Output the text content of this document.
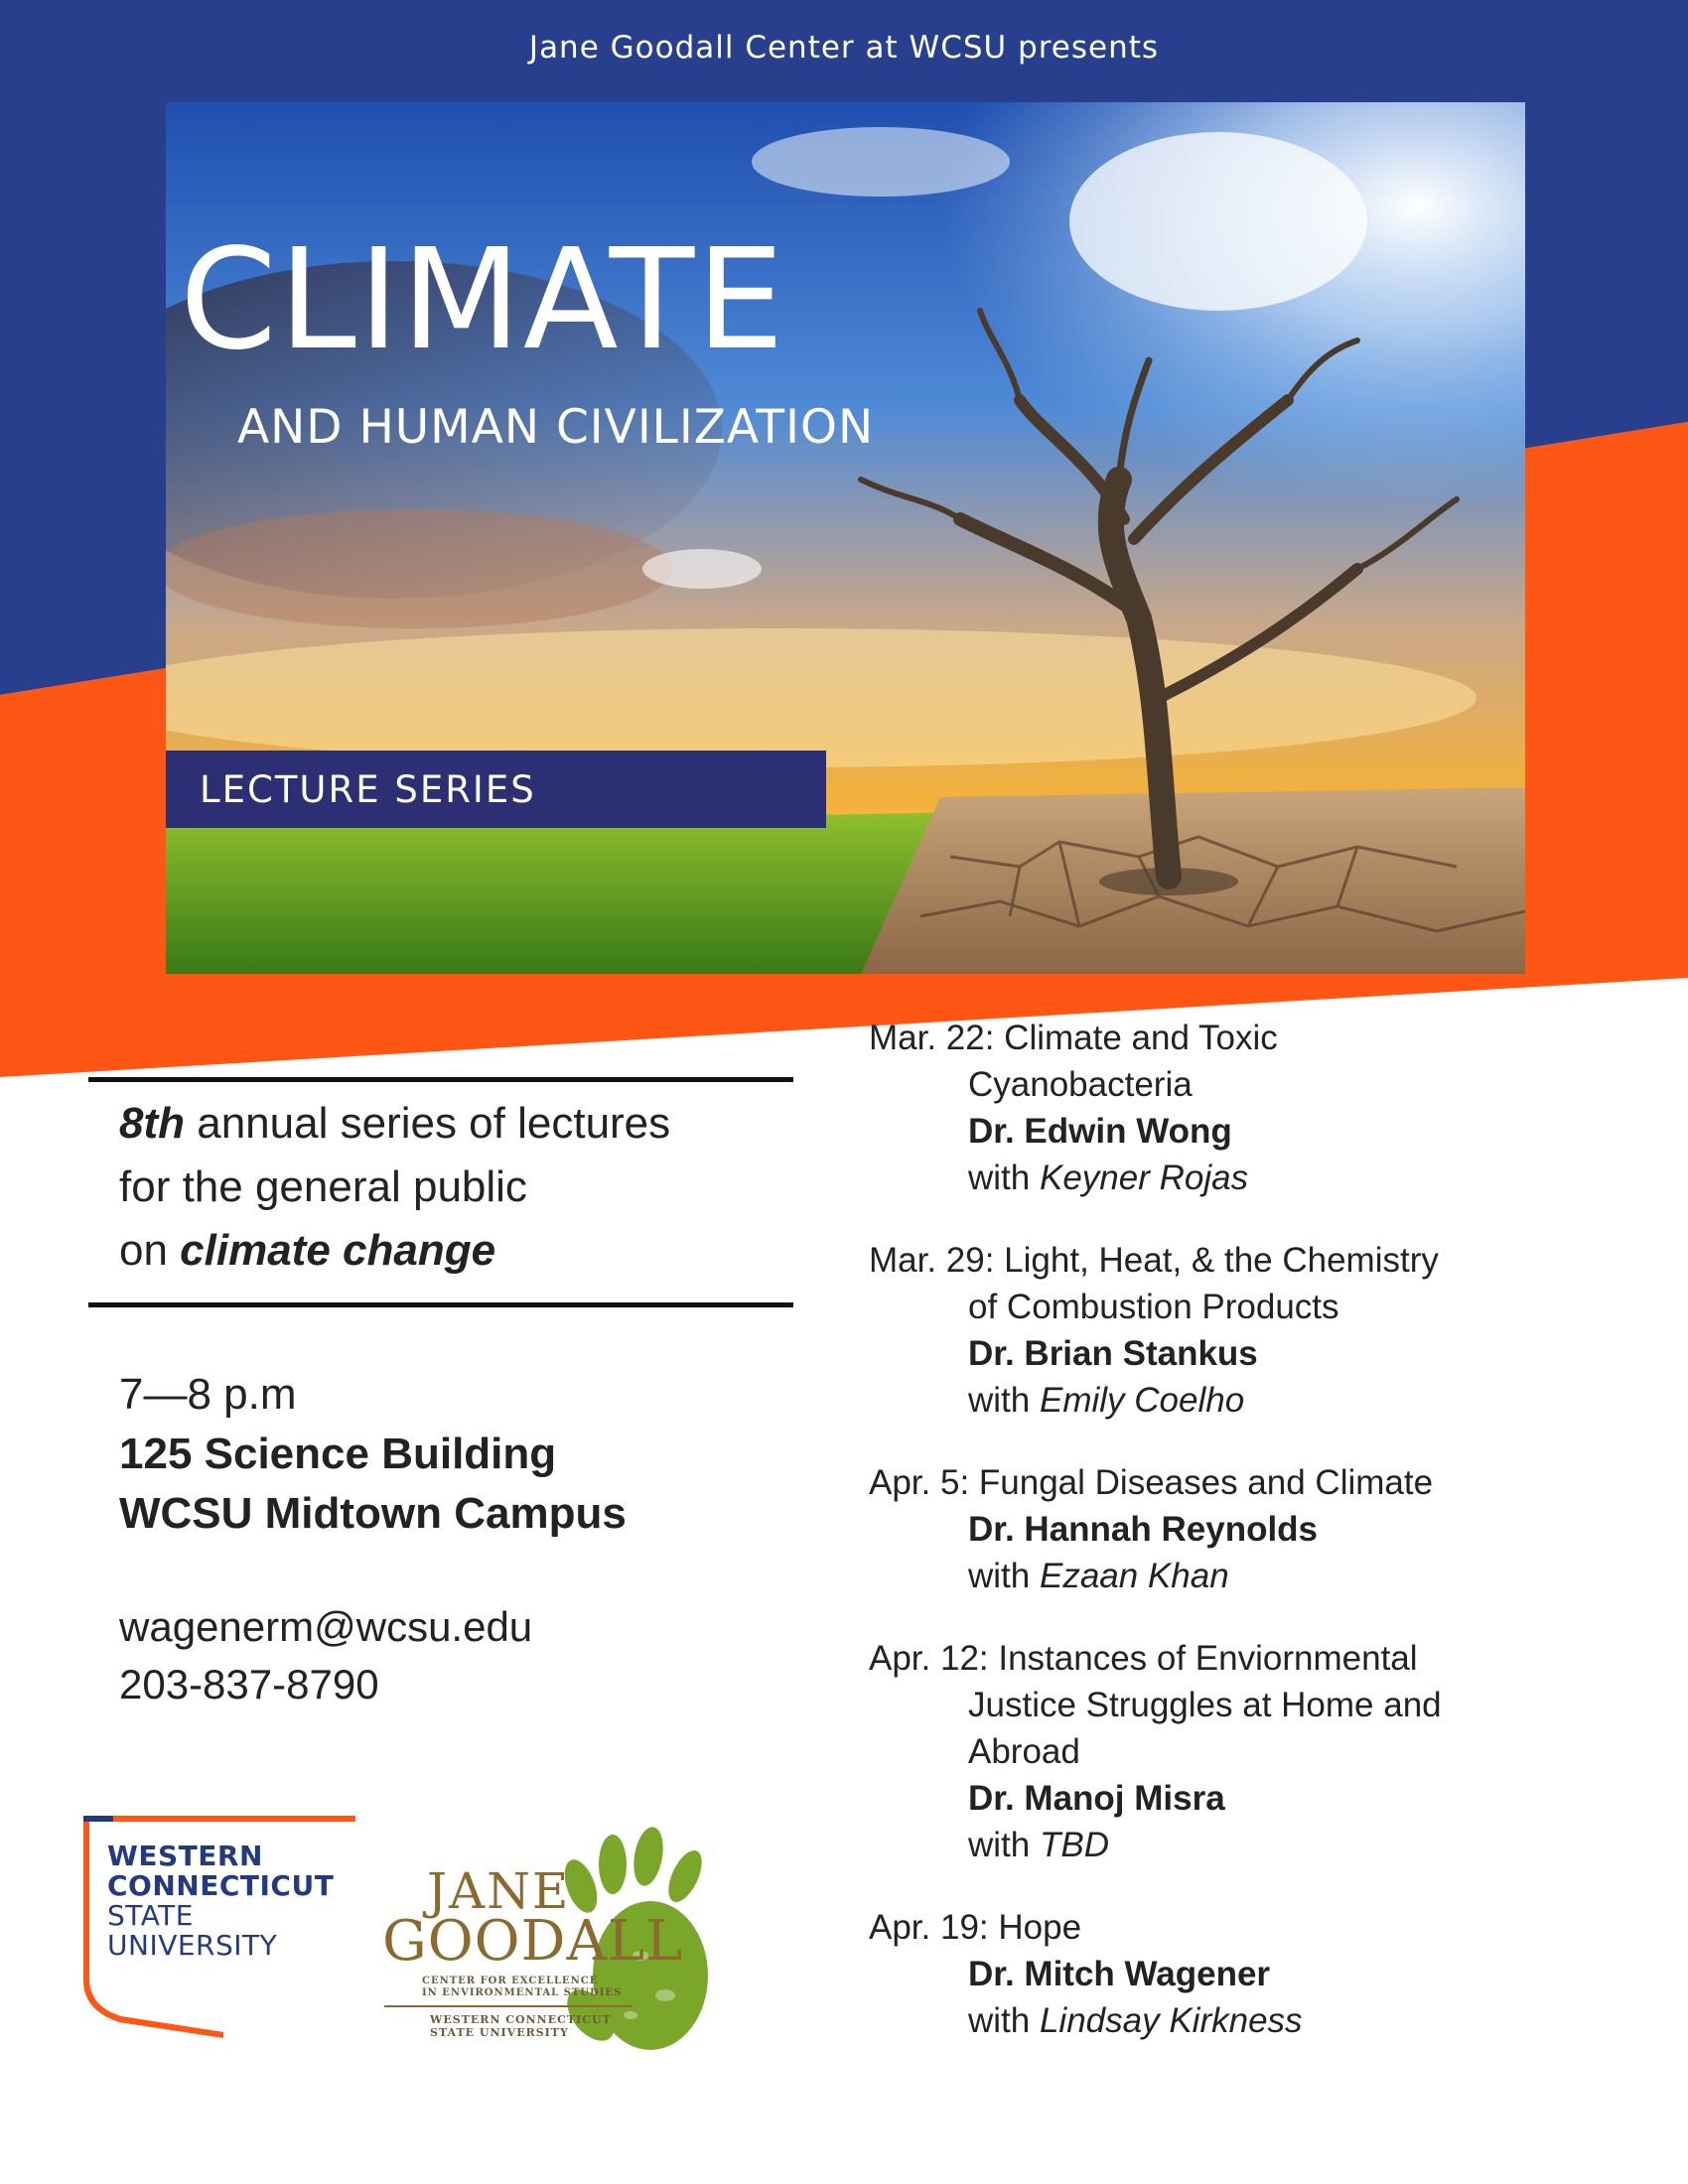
Jane Goodall Center at WCSU presents
CLIMATE
AND HUMAN CIVILIZATION
LECTURE SERIES
8th annual series of lectures
for the general public
on climate change
7—8 p.m
125 Science Building
WCSU Midtown Campus
wagenerm@wcsu.edu
203-837-8790
Mar. 22: Climate and Toxic
Cyanobacteria
Dr. Edwin Wong
with Keyner Rojas
Mar. 29: Light, Heat, & the Chemistry
of Combustion Products
Dr. Brian Stankus
with Emily Coelho
Apr. 5: Fungal Diseases and Climate
Dr. Hannah Reynolds
with Ezaan Khan
Apr. 12: Instances of Enviornmental
Justice Struggles at Home and
Abroad
Dr. Manoj Misra
with TBD
Apr. 19: Hope
Dr. Mitch Wagener
with Lindsay Kirkness
WESTERN
CONNECTICUT
STATE
UNIVERSITY
JANE
GOODALL
CENTER FOR EXCELLENCE
IN ENVIRONMENTAL STUDIES
WESTERN CONNECTICUT
STATE UNIVERSITY
